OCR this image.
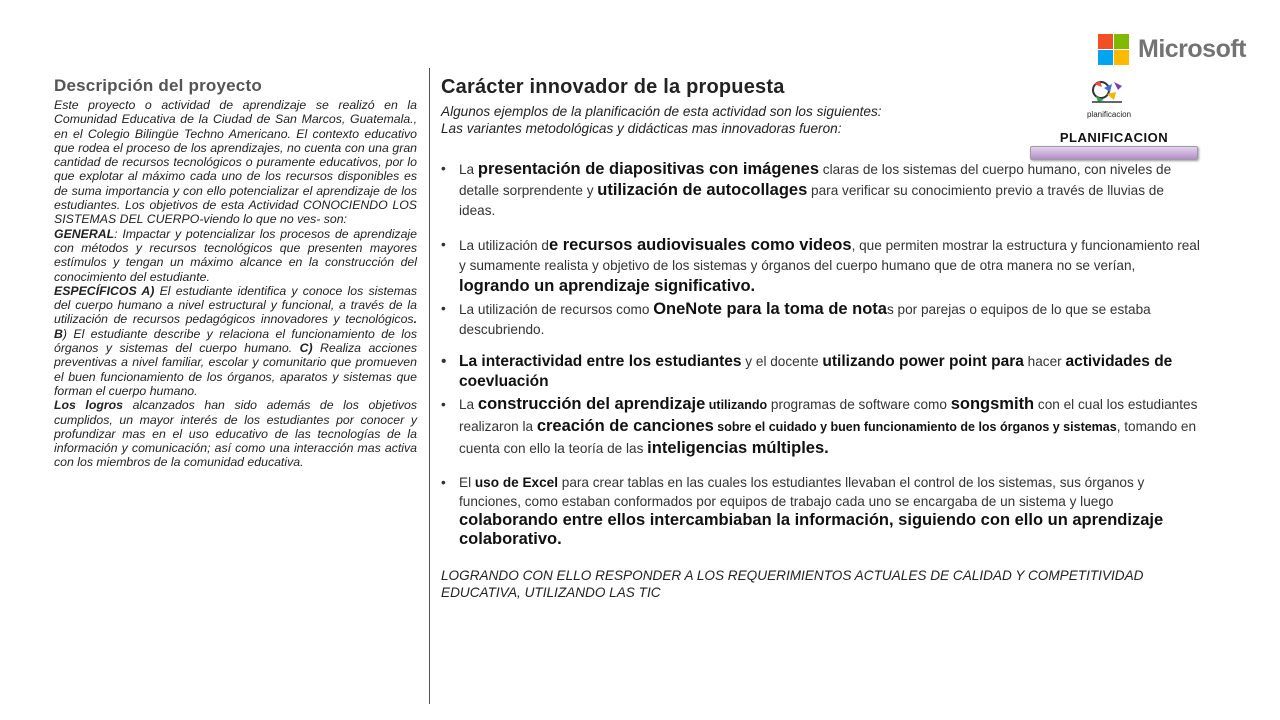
Microsoft
Descripción del proyecto

Este proyecto o actividad de aprendizaje se realizó en la Comunidad Educativa de la Ciudad de San Marcos, Guatemala., en el Colegio Bilingüe Techno Americano. El contexto educativo que rodea el proceso de los aprendizajes, no cuenta con una gran cantidad de recursos tecnológicos o puramente educativos, por lo que explotar al máximo cada uno de los recursos disponibles es de suma importancia y con ello potencializar el aprendizaje de los estudiantes. Los objetivos de esta Actividad CONOCIENDO LOS SISTEMAS DEL CUERPO-viendo lo que no ves- son:
GENERAL: Impactar y potencializar los procesos de aprendizaje con métodos y recursos tecnológicos que presenten mayores estímulos y tengan un máximo alcance en la construcción del conocimiento del estudiante.
ESPECÍFICOS A) El estudiante identifica y conoce los sistemas del cuerpo humano a nivel estructural y funcional, a través de la utilización de recursos pedagógicos innovadores y tecnológicos. B) El estudiante describe y relaciona el funcionamiento de los órganos y sistemas del cuerpo humano. C) Realiza acciones preventivas a nivel familiar, escolar y comunitario que promueven el buen funcionamiento de los órganos, aparatos y sistemas que forman el cuerpo humano.
Los logros alcanzados han sido además de los objetivos cumplidos, un mayor interés de los estudiantes por conocer y profundizar mas en el uso educativo de las tecnologías de la información y comunicación; así como una interacción mas activa con los miembros de la comunidad educativa.

Carácter innovador de la propuesta

Algunos ejemplos de la planificación de esta actividad son los siguientes:
Las variantes metodológicas y didácticas mas innovadoras fueron:

• La presentación de diapositivas con imágenes claras de los sistemas del cuerpo humano, con niveles de detalle sorprendente y utilización de autocollages para verificar su conocimiento previo a través de lluvias de ideas.
• La utilización de recursos audiovisuales como videos, que permiten mostrar la estructura y funcionamiento real y sumamente realista y objetivo de los sistemas y órganos del cuerpo humano que de otra manera no se verían, logrando un aprendizaje significativo.
• La utilización de recursos como OneNote para la toma de notas por parejas o equipos de lo que se estaba descubriendo.
• La interactividad entre los estudiantes y el docente utilizando power point para hacer actividades de coevluación
• La construcción del aprendizaje utilizando programas de software como songsmith con el cual los estudiantes realizaron la creación de canciones sobre el cuidado y buen funcionamiento de los órganos y sistemas, tomando en cuenta con ello la teoría de las inteligencias múltiples.
• El uso de Excel para crear tablas en las cuales los estudiantes llevaban el control de los sistemas, sus órganos y funciones, como estaban conformados por equipos de trabajo cada uno se encargaba de un sistema y luego colaborando entre ellos intercambiaban la información, siguiendo con ello un aprendizaje colaborativo.

LOGRANDO CON ELLO RESPONDER A LOS REQUERIMIENTOS ACTUALES DE CALIDAD Y COMPETITIVIDAD EDUCATIVA, UTILIZANDO LAS TIC

planificacion
PLANIFICACION
